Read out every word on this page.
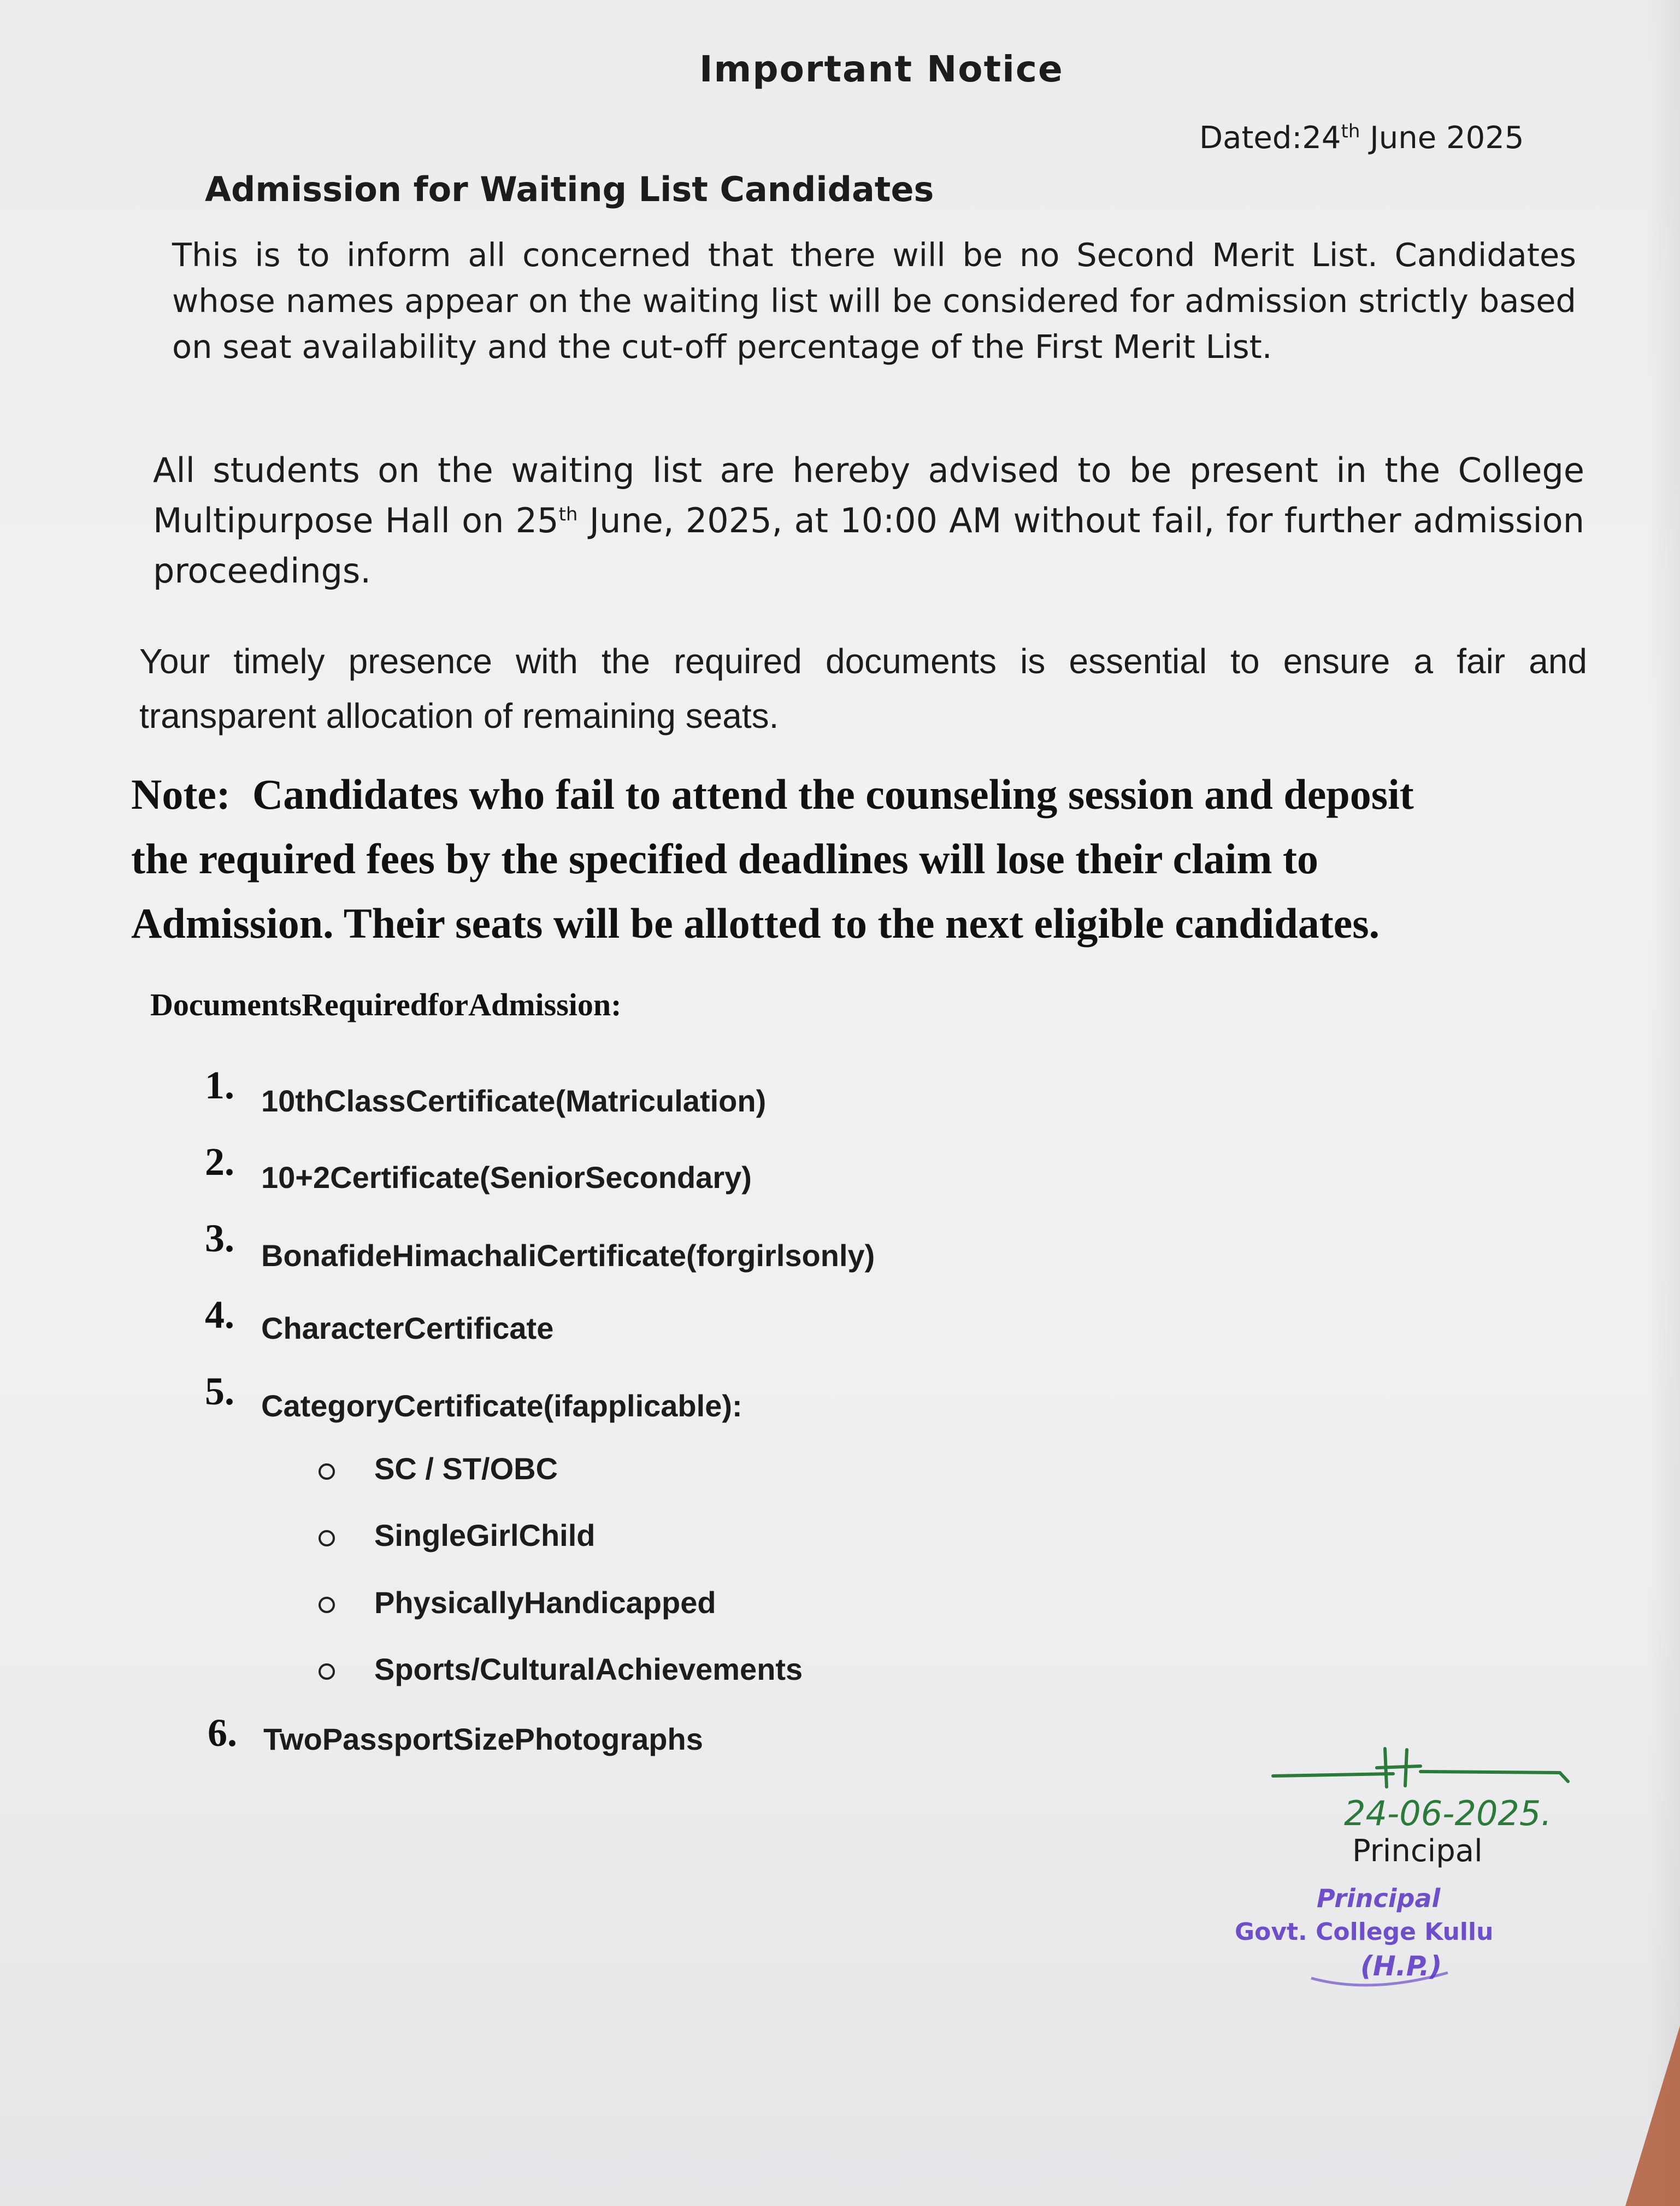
Important Notice
Dated:24th June 2025
Admission for Waiting List Candidates
This is to inform all concerned that there will be no Second Merit List. Candidates whose names appear on the waiting list will be considered for admission strictly based on seat availability and the cut-off percentage of the First Merit List.
All students on the waiting list are hereby advised to be present in the College Multipurpose Hall on 25th June, 2025, at 10:00 AM without fail, for further admission proceedings.
Your timely presence with the required documents is essential to ensure a fair and transparent allocation of remaining seats.
Note: Candidates who fail to attend the counseling session and deposit
the required fees by the specified deadlines will lose their claim to
Admission. Their seats will be allotted to the next eligible candidates.
DocumentsRequiredforAdmission:
1. 10thClassCertificate(Matriculation)
2. 10+2Certificate(SeniorSecondary)
3. BonafideHimachaliCertificate(forgirlsonly)
4. CharacterCertificate
5. CategoryCertificate(ifapplicable):
SC / ST/OBC
SingleGirlChild
PhysicallyHandicapped
Sports/CulturalAchievements
6. TwoPassportSizePhotographs
24-06-2025.
Principal
Principal
Govt. College Kullu
(H.P.)
